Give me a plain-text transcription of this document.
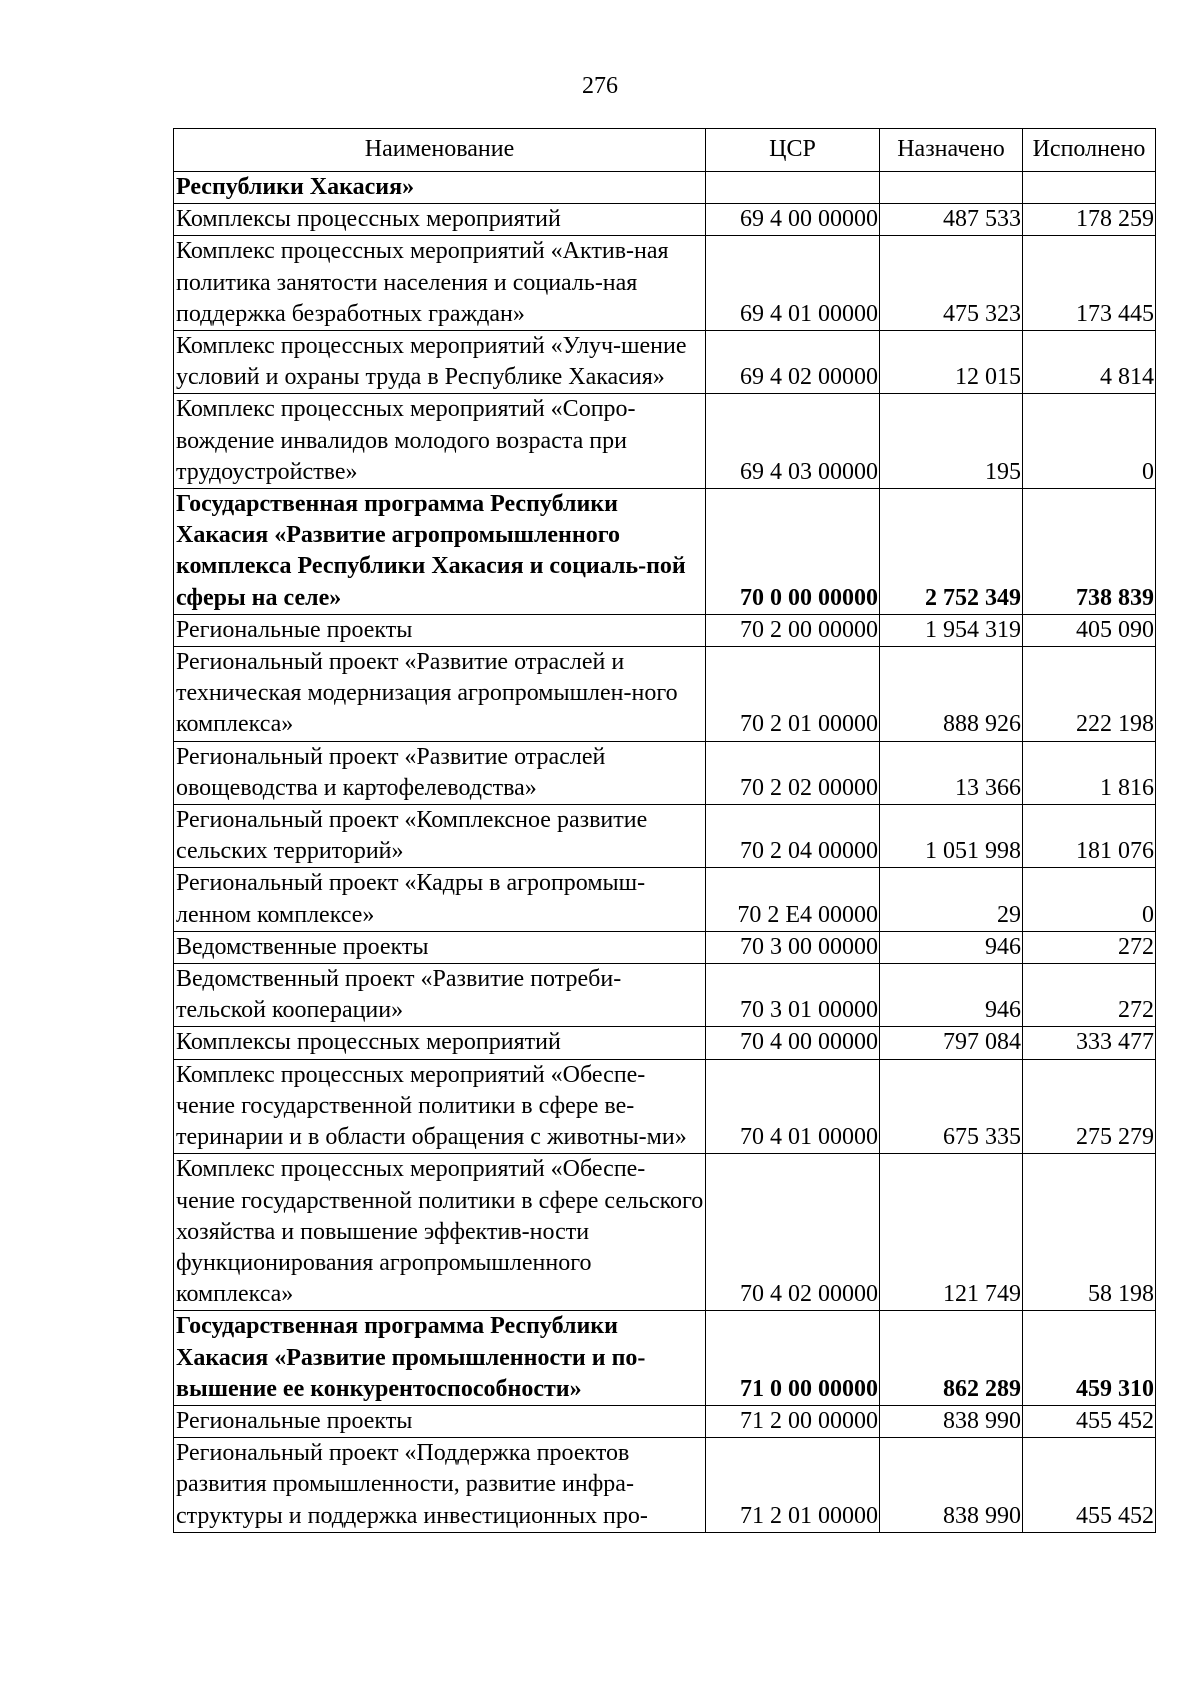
276
Наименование	ЦСР	Назначено	Исполнено
Республики Хакасия»			
Комплексы процессных мероприятий	69 4 00 00000	487 533	178 259
Комплекс процессных мероприятий «Актив-ная политика занятости населения и социаль-ная поддержка безработных граждан»	69 4 01 00000	475 323	173 445
Комплекс процессных мероприятий «Улуч-шение условий и охраны труда в Республике Хакасия»	69 4 02 00000	12 015	4 814
Комплекс процессных мероприятий «Сопро-вождение инвалидов молодого возраста при трудоустройстве»	69 4 03 00000	195	0
Государственная программа Республики Хакасия «Развитие агропромышленного комплекса Республики Хакасия и социаль-пой сферы на селе»	70 0 00 00000	2 752 349	738 839
Региональные проекты	70 2 00 00000	1 954 319	405 090
Региональный проект «Развитие отраслей и техническая модернизация агропромышлен-ного комплекса»	70 2 01 00000	888 926	222 198
Региональный проект «Развитие отраслей овощеводства и картофелеводства»	70 2 02 00000	13 366	1 816
Региональный проект «Комплексное развитие сельских территорий»	70 2 04 00000	1 051 998	181 076
Региональный проект «Кадры в агропромыш-ленном комплексе»	70 2 Е4 00000	29	0
Ведомственные проекты	70 3 00 00000	946	272
Ведомственный проект «Развитие потреби-тельской кооперации»	70 3 01 00000	946	272
Комплексы процессных мероприятий	70 4 00 00000	797 084	333 477
Комплекс процессных мероприятий «Обеспе-чение государственной политики в сфере ве-теринарии и в области обращения с животны-ми»	70 4 01 00000	675 335	275 279
Комплекс процессных мероприятий «Обеспе-чение государственной политики в сфере сельского хозяйства и повышение эффектив-ности функционирования агропромышленного комплекса»	70 4 02 00000	121 749	58 198
Государственная программа Республики Хакасия «Развитие промышленности и по-вышение ее конкурентоспособности»	71 0 00 00000	862 289	459 310
Региональные проекты	71 2 00 00000	838 990	455 452
Региональный проект «Поддержка проектов развития промышленности, развитие инфра-структуры и поддержка инвестиционных про-	71 2 01 00000	838 990	455 452
